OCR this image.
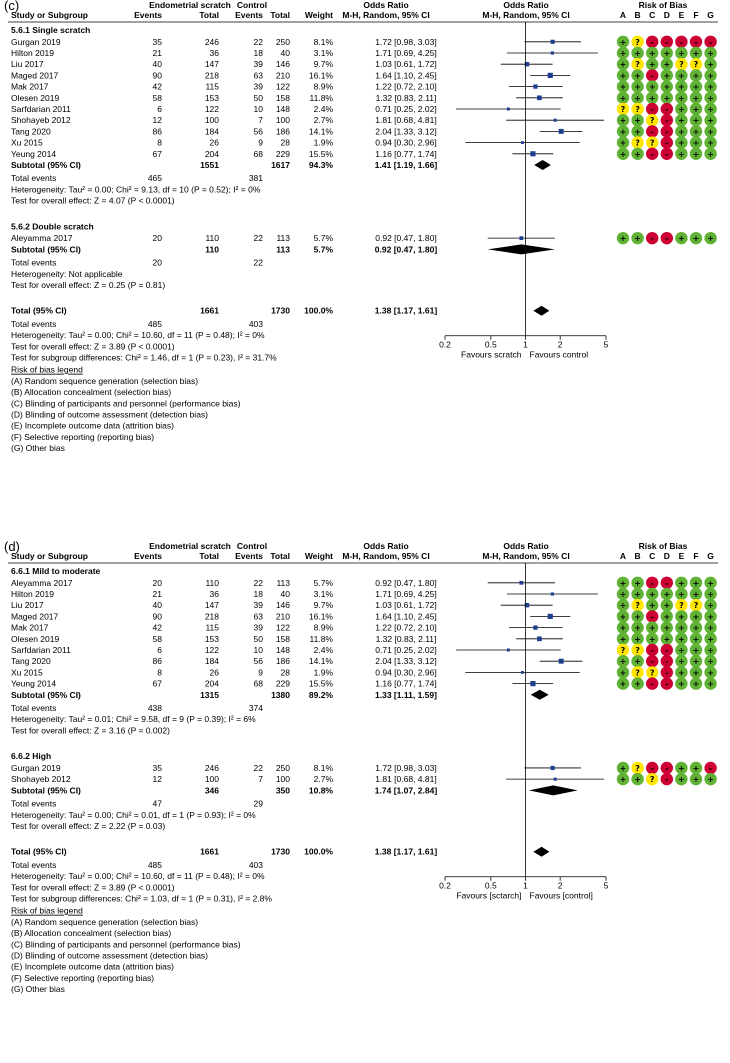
(c)	Endometrial scratch Control	Odds Ratio	Odds Ratio	Risk of Bias
Study or Subgroup	Events	Total Events Total Weight M-H, Random, 95% CI	M-H, Random, 95% CI	A B C D E F G
5.6.1 Single scratch
Gurgan 2019	35	246	22 250	8.1%	1.72 [0.98, 3.03]	+ ? - - - - -
Hilton 2019	21	36	18 40	3.1%	1.71 [0.69, 4.25]	+ + + + + + +
Liu 2017	40	147	39 146	9.7%	1.03 [0.61, 1.72]	+ ? + + ? ? +
Maged 2017	90	218	63 210 16.1%	1.64 [1.10, 2.45]	+ + - + + + +
Mak 2017	42	115	39 122	8.9%	1.22 [0.72, 2.10]	+ + + + + + +
Olesen 2019	58	153	50 158 11.8%	1.32 [0.83, 2.11]	+ + + + + + +
Sarfdarian 2011	6	122	10 148	2.4%	0.71 [0.25, 2.02]	? ? - - + + +
Shohayeb 2012	12	100	7 100	2.7%	1.81 [0.68, 4.81]	+ + ? - + + +
Tang 2020	86	184	56 186 14.1%	2.04 [1.33, 3.12]	+ + - - + + +
Xu 2015	8	26	9 28	1.9%	0.94 [0.30, 2.96]	+ ? ? - + + +
Yeung 2014	67	204	68 229 15.5%	1.16 [0.77, 1.74]	+ + - - + + +
Subtotal (95% CI)	1551	1617 94.3%	1.41 [1.19, 1.66]
Total events	465	381
Heterogeneity: Tau² = 0.00; Chi² = 9.13, df = 10 (P = 0.52); I² = 0%
Test for overall effect: Z = 4.07 (P < 0.0001)
5.6.2 Double scratch
Aleyamma 2017	20	110	22 113	5.7%	0.92 [0.47, 1.80]	+ + - - + + +
Subtotal (95% CI)	110	113	5.7%	0.92 [0.47, 1.80]
Total events	20	22
Heterogeneity: Not applicable
Test for overall effect: Z = 0.25 (P = 0.81)
Total (95% CI)	1661	1730 100.0%	1.38 [1.17, 1.61]
Total events	485	403
Heterogeneity: Tau² = 0.00; Chi² = 10.60, df = 11 (P = 0.48); I² = 0%
Test for overall effect: Z = 3.89 (P < 0.0001)
Test for subgroup differences: Chi² = 1.46, df = 1 (P = 0.23), I² = 31.7%
0.2	0.5	1	2	5
Favours scratch Favours control
Risk of bias legend
(A) Random sequence generation (selection bias)
(B) Allocation concealment (selection bias)
(C) Blinding of participants and personnel (performance bias)
(D) Blinding of outcome assessment (detection bias)
(E) Incomplete outcome data (attrition bias)
(F) Selective reporting (reporting bias)
(G) Other bias
(d)	Endometrial scratch Control	Odds Ratio	Odds Ratio	Risk of Bias
Study or Subgroup	Events	Total Events Total Weight M-H, Random, 95% CI	M-H, Random, 95% CI	A B C D E F G
6.6.1 Mild to moderate
Aleyamma 2017	20	110	22 113	5.7%	0.92 [0.47, 1.80]	+ + - - + + +
Hilton 2019	21	36	18 40	3.1%	1.71 [0.69, 4.25]	+ + + + + + +
Liu 2017	40	147	39 146	9.7%	1.03 [0.61, 1.72]	+ ? + + ? ? +
Maged 2017	90	218	63 210 16.1%	1.64 [1.10, 2.45]	+ + - + + + +
Mak 2017	42	115	39 122	8.9%	1.22 [0.72, 2.10]	+ + + + + + +
Olesen 2019	58	153	50 158 11.8%	1.32 [0.83, 2.11]	+ + + + + + +
Sarfdarian 2011	6	122	10 148	2.4%	0.71 [0.25, 2.02]	? ? - - + + +
Tang 2020	86	184	56 186 14.1%	2.04 [1.33, 3.12]	+ + - - + + +
Xu 2015	8	26	9 28	1.9%	0.94 [0.30, 2.96]	+ ? ? - + + +
Yeung 2014	67	204	68 229 15.5%	1.16 [0.77, 1.74]	+ + - - + + +
Subtotal (95% CI)	1315	1380 89.2%	1.33 [1.11, 1.59]
Total events	438	374
Heterogeneity: Tau² = 0.01; Chi² = 9.58, df = 9 (P = 0.39); I² = 6%
Test for overall effect: Z = 3.16 (P = 0.002)
6.6.2 High
Gurgan 2019	35	246	22 250	8.1%	1.72 [0.98, 3.03]	+ ? - - + + -
Shohayeb 2012	12	100	7 100	2.7%	1.81 [0.68, 4.81]	+ + ? - + + +
Subtotal (95% CI)	346	350 10.8%	1.74 [1.07, 2.84]
Total events	47	29
Heterogeneity: Tau² = 0.00; Chi² = 0.01, df = 1 (P = 0.93); I² = 0%
Test for overall effect: Z = 2.22 (P = 0.03)
Total (95% CI)	1661	1730 100.0%	1.38 [1.17, 1.61]
Total events	485	403
Heterogeneity: Tau² = 0.00; Chi² = 10.60, df = 11 (P = 0.48); I² = 0%
Test for overall effect: Z = 3.89 (P < 0.0001)
Test for subgroup differences: Chi² = 1.03, df = 1 (P = 0.31), I² = 2.8%
0.2	0.5	1	2	5
Favours [sctarch] Favours [control]
Risk of bias legend
(A) Random sequence generation (selection bias)
(B) Allocation concealment (selection bias)
(C) Blinding of participants and personnel (performance bias)
(D) Blinding of outcome assessment (detection bias)
(E) Incomplete outcome data (attrition bias)
(F) Selective reporting (reporting bias)
(G) Other bias
